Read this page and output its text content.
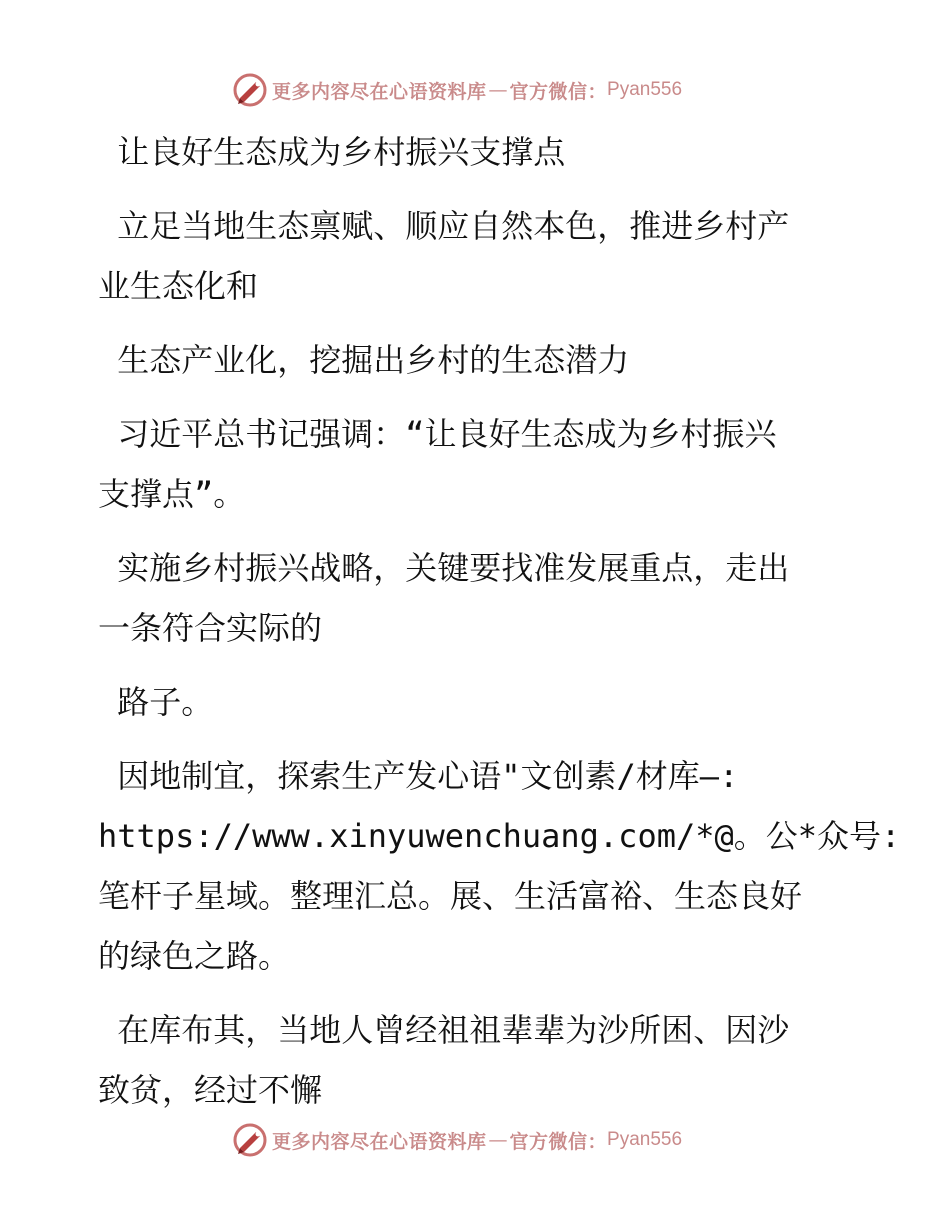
更多内容尽在心语资料库 — 官方微信： Pyan556
让良好生态成为乡村振兴支撑点
立足当地生态禀赋、顺应自然本色，推进乡村产
业生态化和
生态产业化，挖掘出乡村的生态潜力
习近平总书记强调：“让良好生态成为乡村振兴
支撑点”。
实施乡村振兴战略，关键要找准发展重点，走出
一条符合实际的
路子。
因地制宜，探索生产发心语"文创素/材库—:
https://www.xinyuwenchuang.com/*@。公*众号:
笔杆子星域。整理汇总。展、生活富裕、生态良好
的绿色之路。
在库布其，当地人曾经祖祖辈辈为沙所困、因沙
致贫，经过不懈
更多内容尽在心语资料库 — 官方微信： Pyan556
